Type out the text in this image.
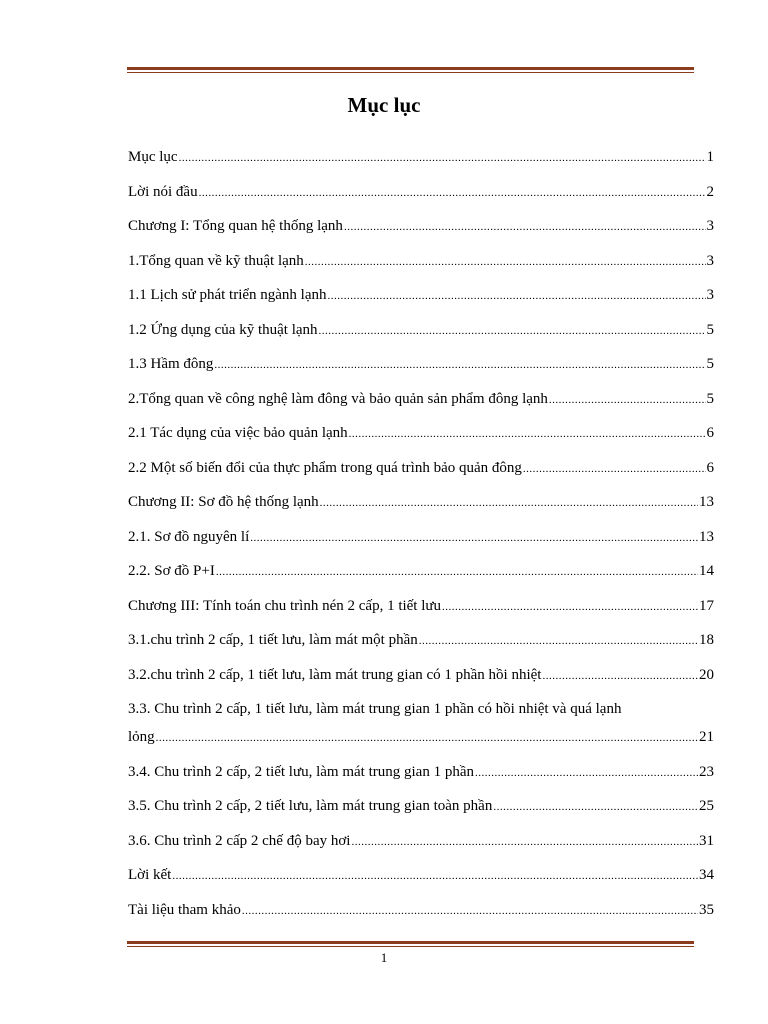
Mục lục
Mục lục .....	1
Lời nói đầu .....	2
Chương I: Tổng quan hệ thống lạnh .....	3
1.Tổng quan về kỹ thuật lạnh .....	3
1.1 Lịch sử phát triển ngành lạnh .....	3
1.2 Ứng dụng của kỹ thuật lạnh .....	5
1.3 Hầm đông .....	5
2.Tổng quan về công nghệ làm đông và bảo quản sản phẩm đông lạnh .....	5
2.1 Tác dụng của việc bảo quản lạnh .....	6
2.2 Một số biến đổi của thực phẩm trong quá trình bảo quản đông .....	6
Chương II: Sơ đồ hệ thống lạnh .....	13
2.1. Sơ đồ nguyên lí .....	13
2.2. Sơ đồ P+I .....	14
Chương III: Tính toán chu trình nén 2 cấp, 1 tiết lưu .....	17
3.1.chu trình 2 cấp, 1 tiết lưu, làm mát một phần .....	18
3.2.chu trình 2 cấp, 1 tiết lưu, làm mát trung gian có 1 phần hồi nhiệt .....	20
3.3. Chu trình 2 cấp, 1 tiết lưu, làm mát trung gian 1 phần có hồi nhiệt và quá lạnh
lỏng .....	21
3.4. Chu trình 2 cấp, 2 tiết lưu, làm mát trung gian 1 phần .....	23
3.5. Chu trình 2 cấp, 2 tiết lưu, làm mát trung gian toàn phần .....	25
3.6. Chu trình 2 cấp 2 chế độ bay hơi .....	31
Lời kết .....	34
Tài liệu tham khảo .....	35
1
